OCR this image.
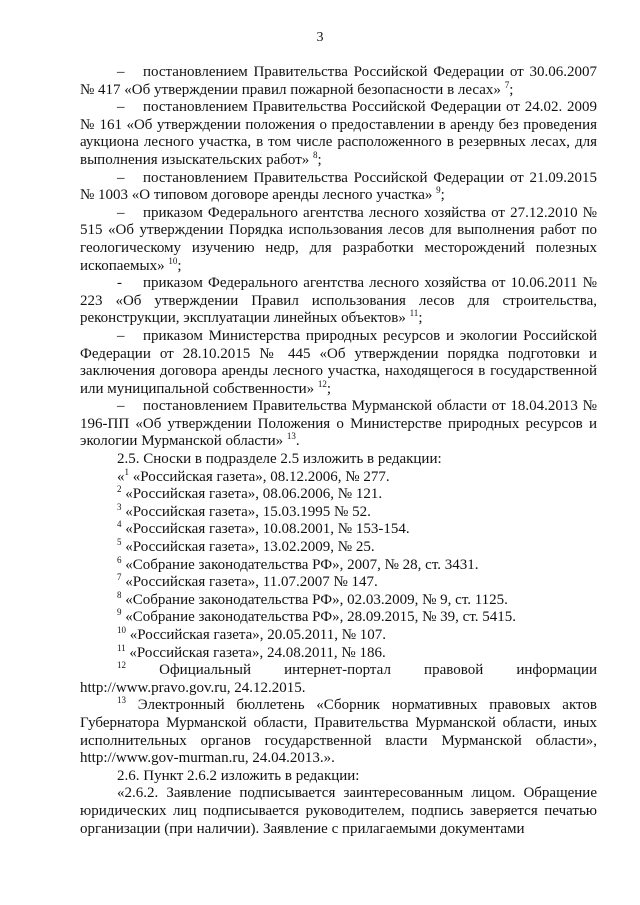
3

– постановлением Правительства Российской Федерации от 30.06.2007 № 417 «Об утверждении правил пожарной безопасности в лесах» $^7$;

– постановлением Правительства Российской Федерации от 24.02. 2009 № 161 «Об утверждении положения о предоставлении в аренду без проведения аукциона лесного участка, в том числе расположенного в резервных лесах, для выполнения изыскательских работ» $^8$;

– постановлением Правительства Российской Федерации от 21.09.2015 № 1003 «О типовом договоре аренды лесного участка» $^9$;

– приказом Федерального агентства лесного хозяйства от 27.12.2010 № 515 «Об утверждении Порядка использования лесов для выполнения работ по геологическому изучению недр, для разработки месторождений полезных ископаемых» $^{10}$;

- приказом Федерального агентства лесного хозяйства от 10.06.2011 № 223 «Об утверждении Правил использования лесов для строительства, реконструкции, эксплуатации линейных объектов» $^{11}$;

– приказом Министерства природных ресурсов и экологии Российской Федерации от 28.10.2015 № 445 «Об утверждении порядка подготовки и заключения договора аренды лесного участка, находящегося в государственной или муниципальной собственности» $^{12}$;

– постановлением Правительства Мурманской области от 18.04.2013 № 196-ПП «Об утверждении Положения о Министерстве природных ресурсов и экологии Мурманской области» $^{13}$.

2.5. Сноски в подразделе 2.5 изложить в редакции:

«$^1$ «Российская газета», 08.12.2006, № 277.

$^2$ «Российская газета», 08.06.2006, № 121.

$^3$ «Российская газета», 15.03.1995 № 52.

$^4$ «Российская газета», 10.08.2001, № 153-154.

$^5$ «Российская газета», 13.02.2009, № 25.

$^6$ «Собрание законодательства РФ», 2007, № 28, ст. 3431.

$^7$ «Российская газета», 11.07.2007 № 147.

$^8$ «Собрание законодательства РФ», 02.03.2009, № 9, ст. 1125.

$^9$ «Собрание законодательства РФ», 28.09.2015, № 39, ст. 5415.

$^{10}$ «Российская газета», 20.05.2011, № 107.

$^{11}$ «Российская газета», 24.08.2011, № 186.

$^{12}$ Официальный интернет-портал правовой информации http://www.pravo.gov.ru, 24.12.2015.

$^{13}$ Электронный бюллетень «Сборник нормативных правовых актов Губернатора Мурманской области, Правительства Мурманской области, иных исполнительных органов государственной власти Мурманской области», http://www.gov-murman.ru, 24.04.2013.».

2.6. Пункт 2.6.2 изложить в редакции:

«2.6.2. Заявление подписывается заинтересованным лицом. Обращение юридических лиц подписывается руководителем, подпись заверяется печатью организации (при наличии). Заявление с прилагаемыми документами
